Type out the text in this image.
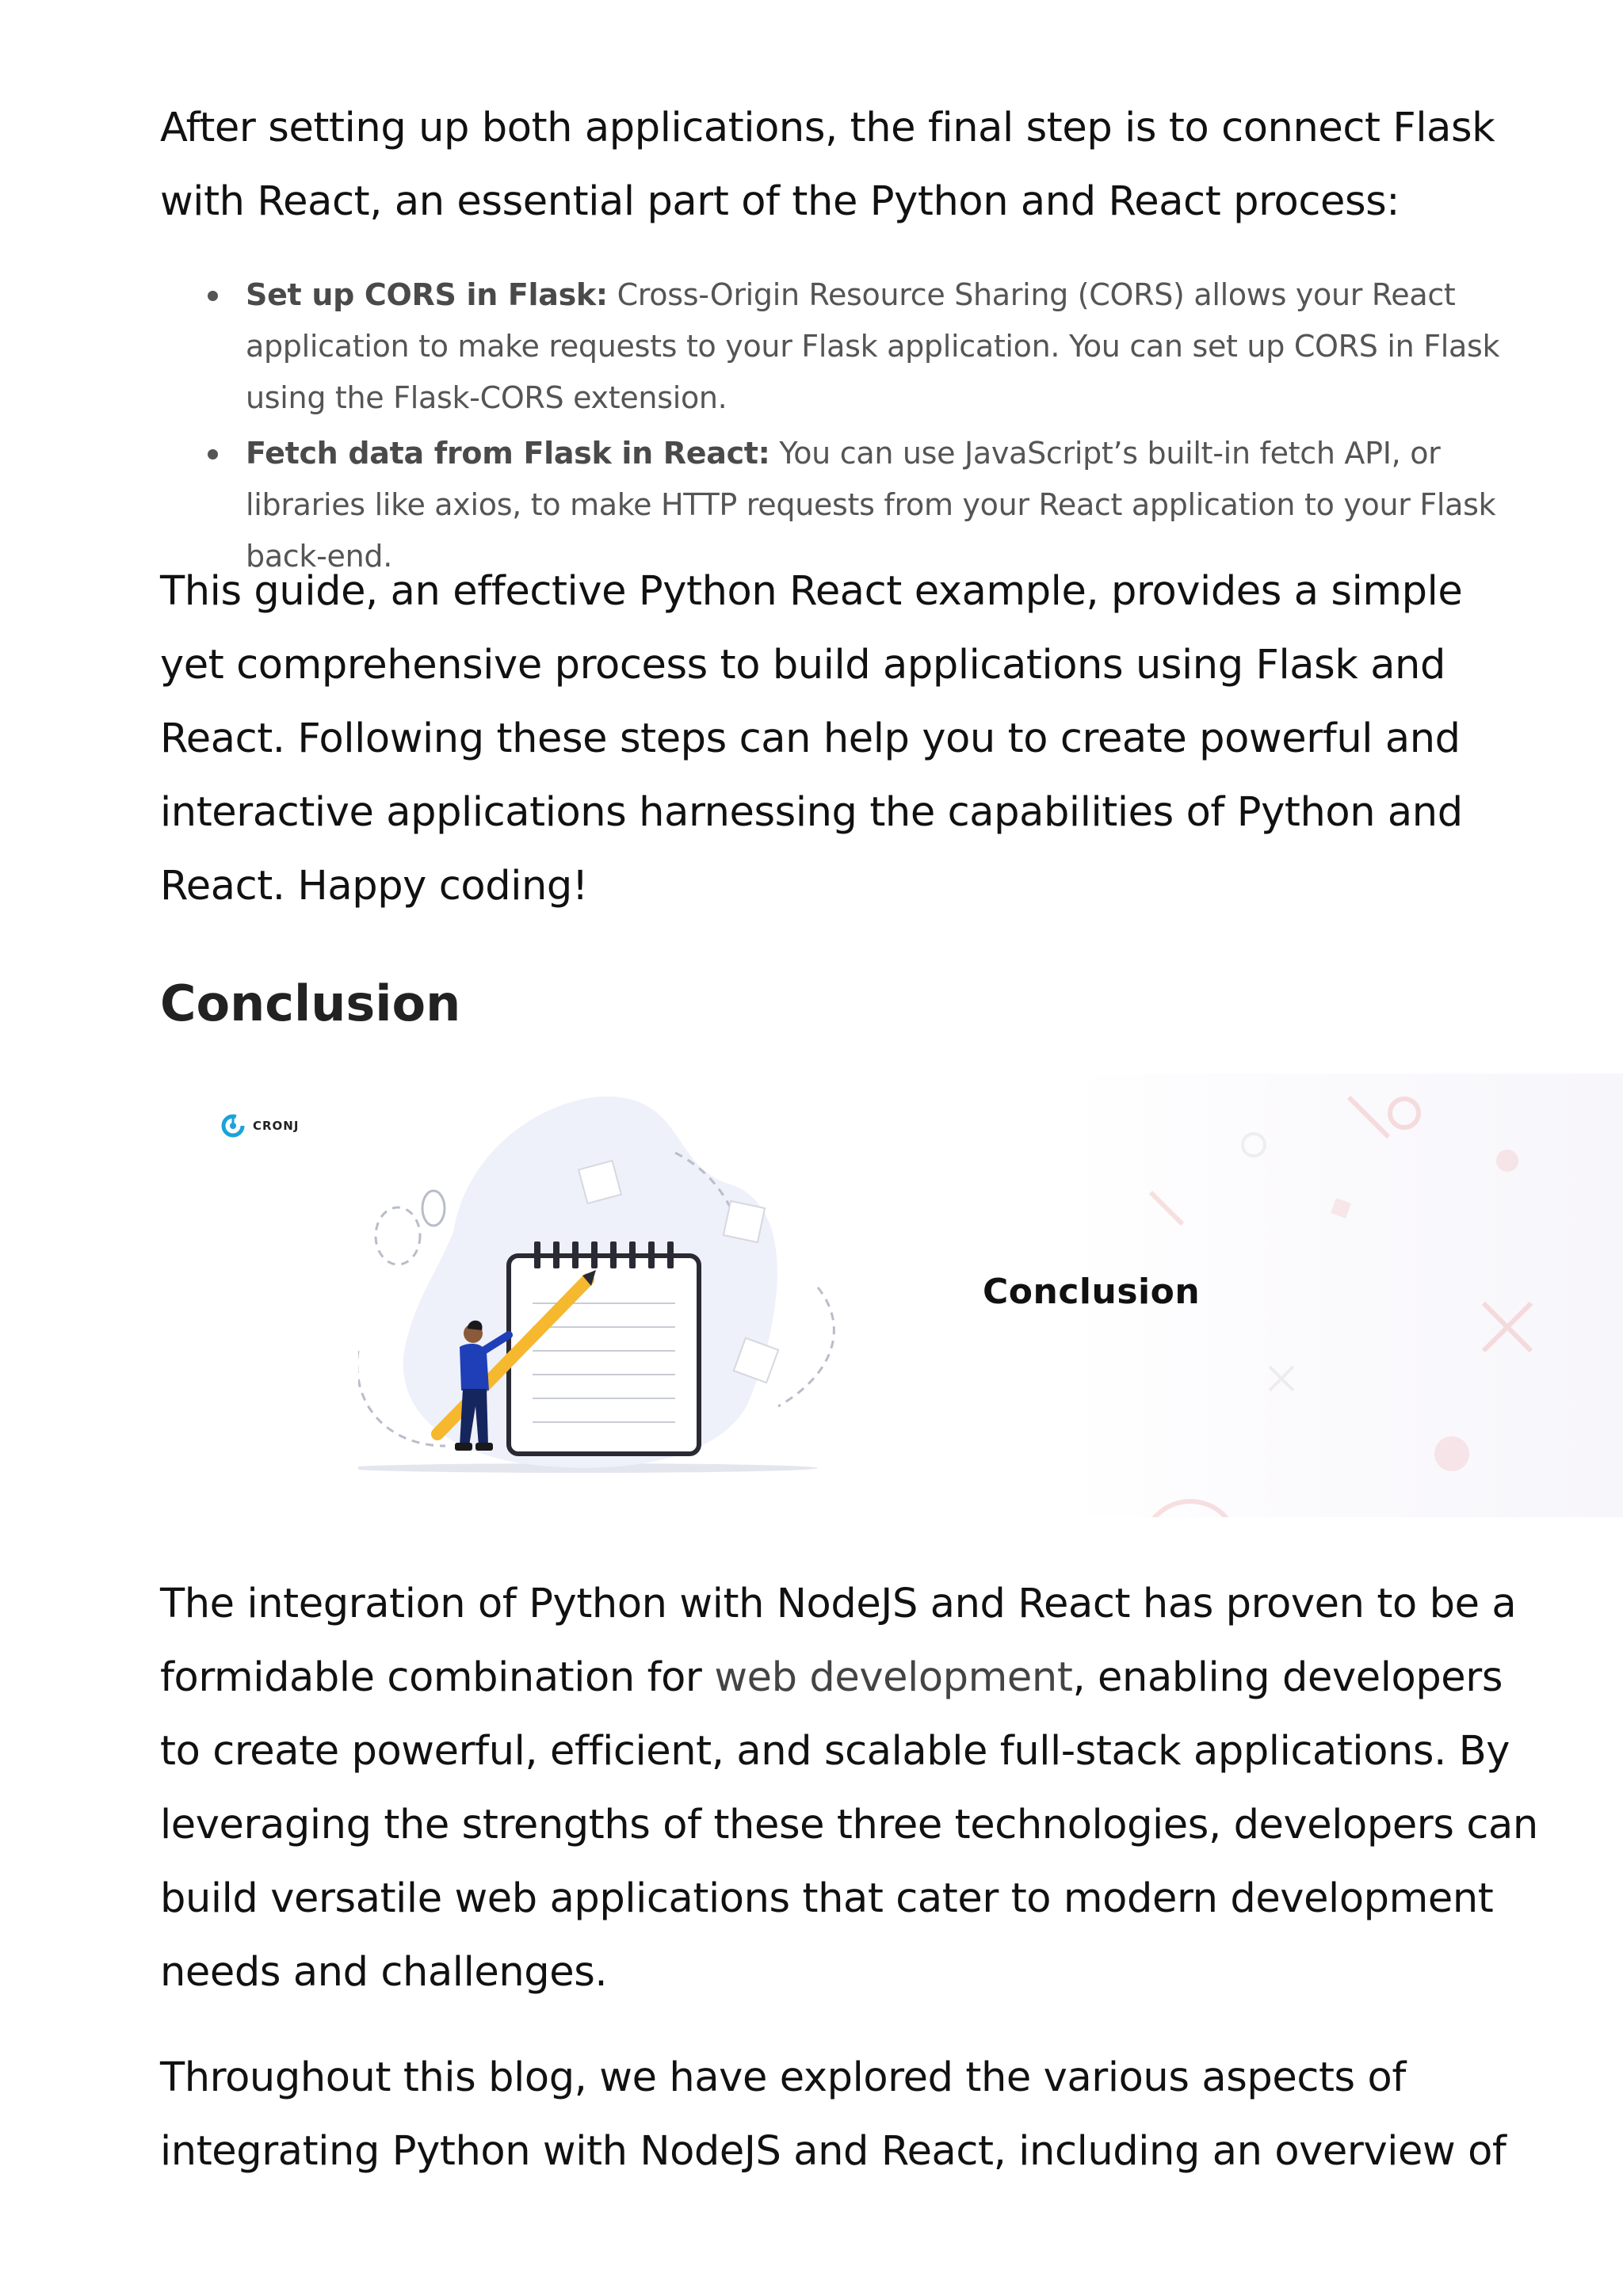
After setting up both applications, the final step is to connect Flask with React, an essential part of the Python and React process:

Set up CORS in Flask: Cross-Origin Resource Sharing (CORS) allows your React application to make requests to your Flask application. You can set up CORS in Flask using the Flask-CORS extension.
Fetch data from Flask in React: You can use JavaScript’s built-in fetch API, or libraries like axios, to make HTTP requests from your React application to your Flask back-end.

This guide, an effective Python React example, provides a simple yet comprehensive process to build applications using Flask and React. Following these steps can help you to create powerful and interactive applications harnessing the capabilities of Python and React. Happy coding!

Conclusion

The integration of Python with NodeJS and React has proven to be a formidable combination for web development, enabling developers to create powerful, efficient, and scalable full-stack applications. By leveraging the strengths of these three technologies, developers can build versatile web applications that cater to modern development needs and challenges.

Throughout this blog, we have explored the various aspects of integrating Python with NodeJS and React, including an overview of

CRONJ
Conclusion
